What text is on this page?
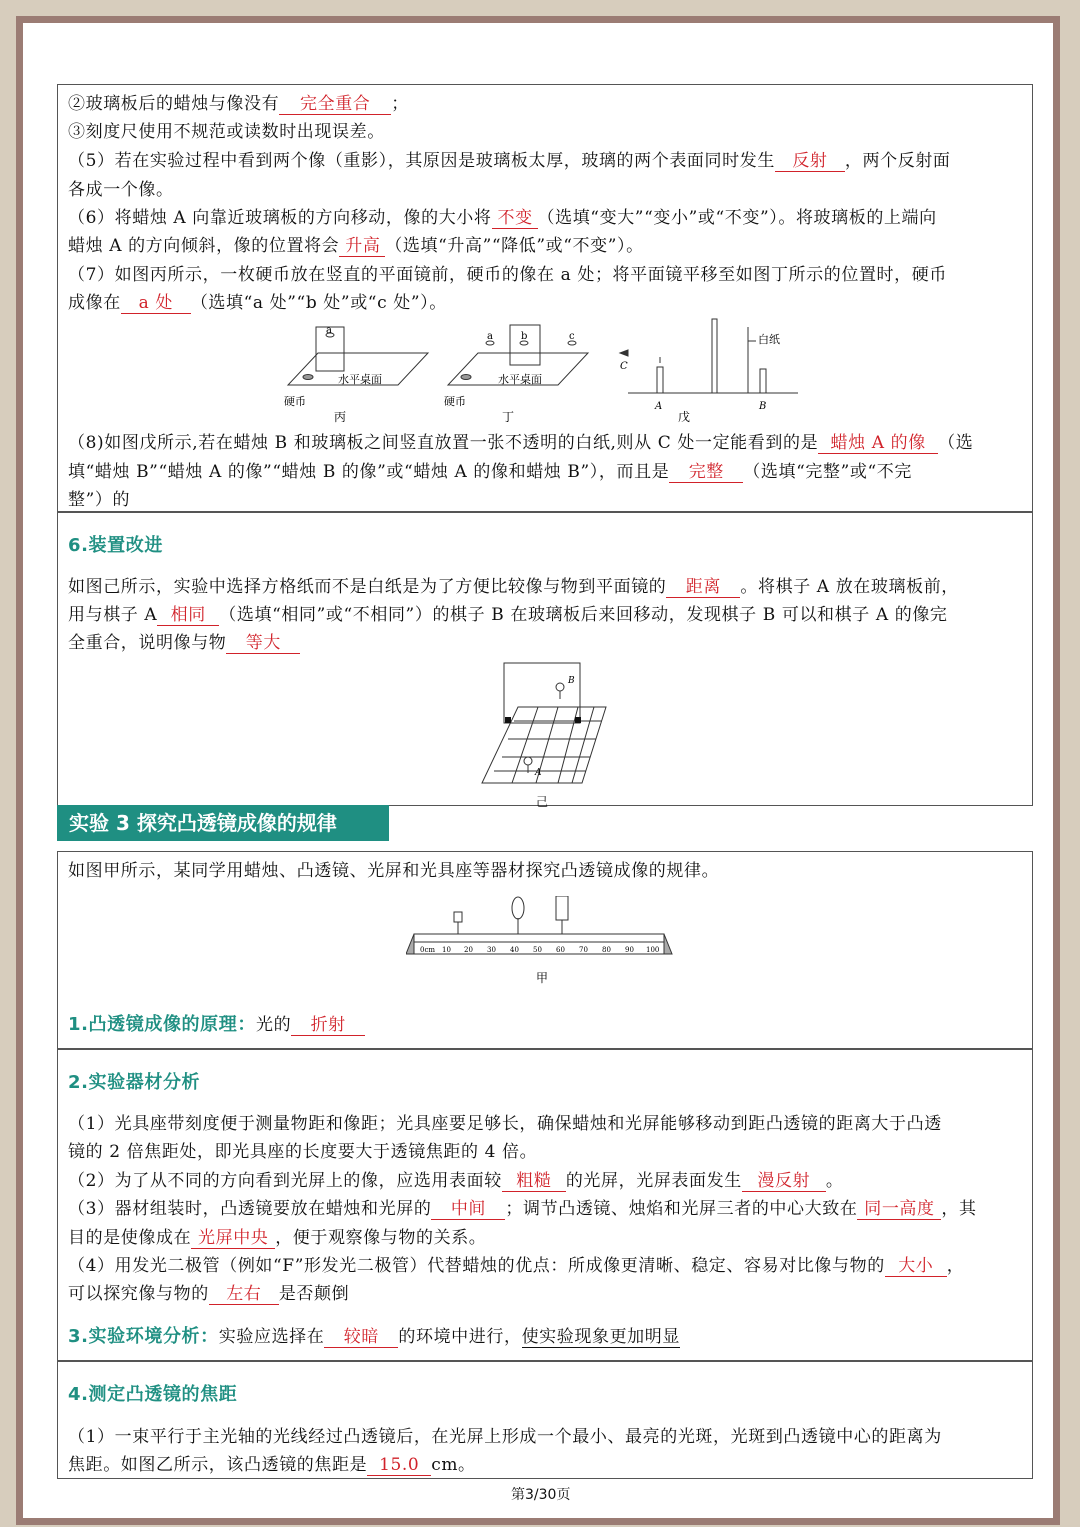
②玻璃板后的蜡烛与像没有 完全重合 ；
③刻度尺使用不规范或读数时出现误差。
（5）若在实验过程中看到两个像（重影），其原因是玻璃板太厚，玻璃的两个表面同时发生 反射 ，两个反射面
各成一个像。
（6）将蜡烛 A 向靠近玻璃板的方向移动，像的大小将 不变 （选填“变大”“变小”或“不变”）。将玻璃板的上端向
蜡烛 A 的方向倾斜，像的位置将会 升高 （选填“升高”“降低”或“不变”）。
（7）如图丙所示，一枚硬币放在竖直的平面镜前，硬币的像在 a 处；将平面镜平移至如图丁所示的位置时，硬币
成像在 a 处 （选填“a 处”“b 处”或“c 处”）。
水平桌面	水平桌面
a
a	b	c
硬币	硬币
丙	丁	戊
白纸
C
A	B
（8)如图戊所示,若在蜡烛 B 和玻璃板之间竖直放置一张不透明的白纸,则从 C 处一定能看到的是 蜡烛 A 的像 （选
填“蜡烛 B”“蜡烛 A 的像”“蜡烛 B 的像”或“蜡烛 A 的像和蜡烛 B”），而且是 完整 （选填“完整”或“不完
整”）的
6.装置改进
如图己所示，实验中选择方格纸而不是白纸是为了方便比较像与物到平面镜的 距离 。将棋子 A 放在玻璃板前，
用与棋子 A 相同 （选填“相同”或“不相同”）的棋子 B 在玻璃板后来回移动，发现棋子 B 可以和棋子 A 的像完
全重合，说明像与物 等大
B
A
己
实验 3 探究凸透镜成像的规律
如图甲所示，某同学用蜡烛、凸透镜、光屏和光具座等器材探究凸透镜成像的规律。
0cm 10 20 30 40 50 60 70 80 90 100
甲
1.凸透镜成像的原理：光的 折射
2.实验器材分析
（1）光具座带刻度便于测量物距和像距；光具座要足够长，确保蜡烛和光屏能够移动到距凸透镜的距离大于凸透
镜的 2 倍焦距处，即光具座的长度要大于透镜焦距的 4 倍。
（2）为了从不同的方向看到光屏上的像，应选用表面较 粗糙 的光屏，光屏表面发生 漫反射 。
（3）器材组装时，凸透镜要放在蜡烛和光屏的 中间 ；调节凸透镜、烛焰和光屏三者的中心大致在 同一高度 ，其
目的是使像成在 光屏中央 ，便于观察像与物的关系。
（4）用发光二极管（例如“F”形发光二极管）代替蜡烛的优点：所成像更清晰、稳定、容易对比像与物的 大小 ，
可以探究像与物的 左右 是否颠倒
3.实验环境分析：实验应选择在 较暗 的环境中进行，使实验现象更加明显
4.测定凸透镜的焦距
（1）一束平行于主光轴的光线经过凸透镜后，在光屏上形成一个最小、最亮的光斑，光斑到凸透镜中心的距离为
焦距。如图乙所示，该凸透镜的焦距是 15.0 cm。
第3/30页
